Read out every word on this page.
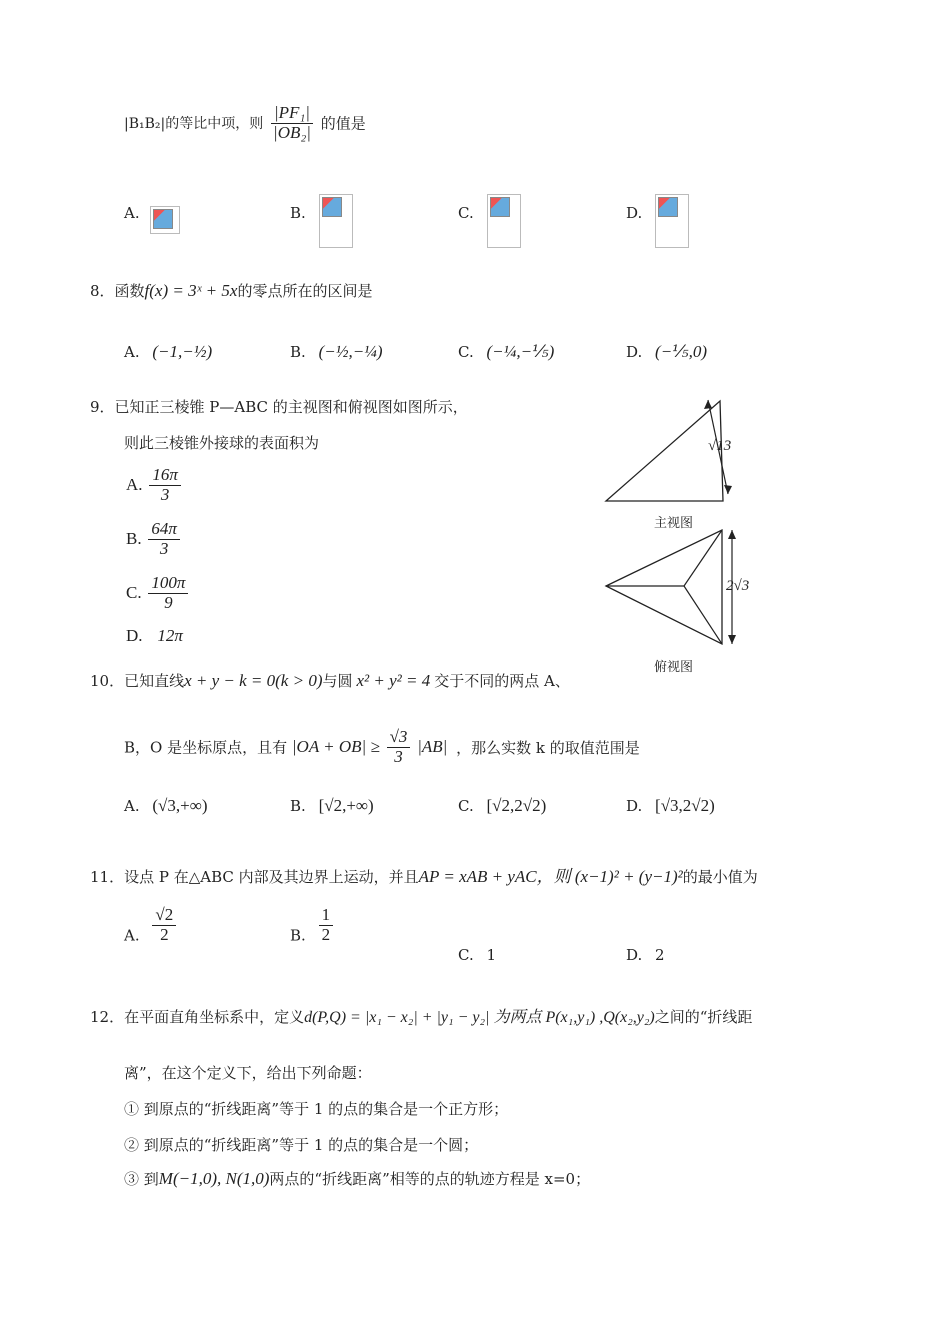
|B₁B₂|的等比中项，则 $\frac{\text{|PF₁|}}{\text{|OB₂|}}$ 的值是
A.	B.	C.	D.
8．函数f(x) = 3ˣ + 5x的零点所在的区间是
A. (−1,−½)	B. (−½,−¼)	C. (−¼,−⅕)	D. (−⅕,0)
9．已知正三棱锥 P—ABC 的主视图和俯视图如图所示，
则此三棱锥外接球的表面积为
A. $\frac{16\pi}{3}$
B. $\frac{64\pi}{3}$
C. $\frac{100\pi}{9}$
D. 12π
√13
主视图
2√3
俯视图
10．已知直线x + y − k = 0(k > 0)与圆 x² + y² = 4 交于不同的两点 A、
B，O 是坐标原点，且有 $|OA + OB| \ge \frac{√3}{3} |AB|$ ，那么实数 k 的取值范围是
A. (√3,+∞)	B. [√2,+∞)	C. [√2,2√2)	D. [√3,2√2)
11．设点 P 在△ABC 内部及其边界上运动，并且AP = xAB + yAC，则 (x−1)² + (y−1)²的最小值为
A. $\frac{√2}{2}$	B. $\frac{1}{2}$
C. 1	D. 2
12．在平面直角坐标系中，定义d(P,Q) = |x₁ − x₂| + |y₁ − y₂| 为两点 P(x₁,y₁) ,Q(x₂,y₂)之间的“折线距
离”，在这个定义下，给出下列命题：
① 到原点的“折线距离”等于 1 的点的集合是一个正方形；
② 到原点的“折线距离”等于 1 的点的集合是一个圆；
③ 到M(−1,0), N(1,0)两点的“折线距离”相等的点的轨迹方程是 x=0；
